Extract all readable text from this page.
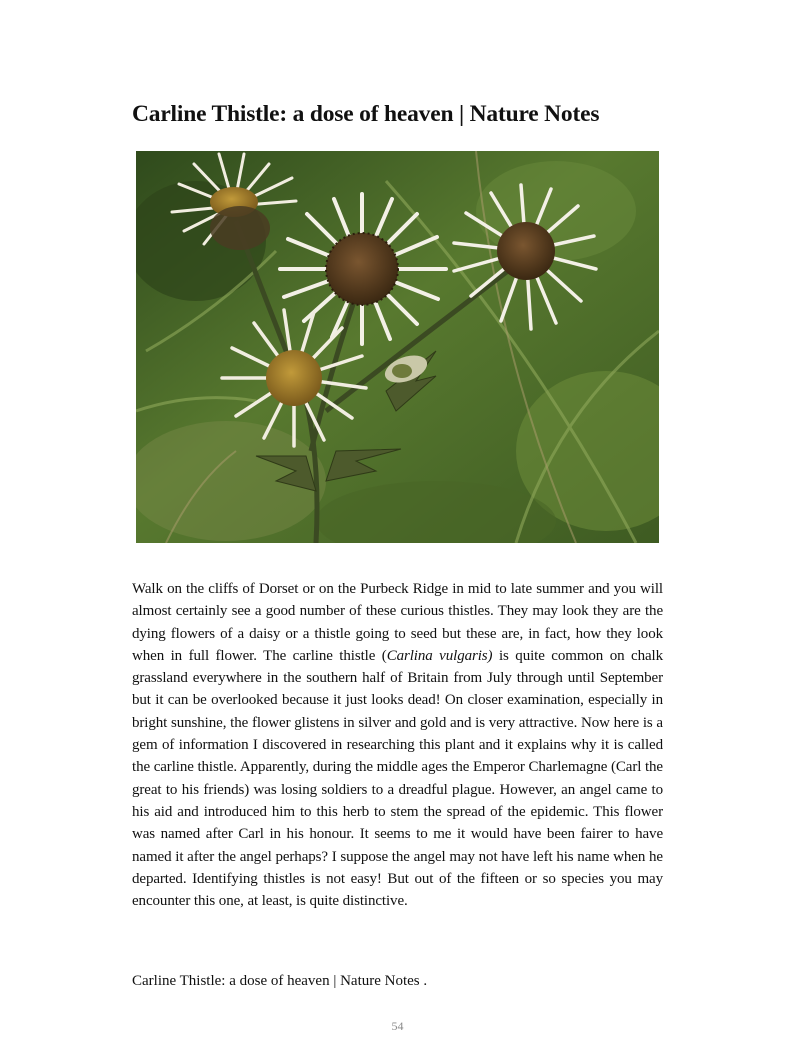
Carline Thistle: a dose of heaven | Nature Notes

Walk on the cliffs of Dorset or on the Purbeck Ridge in mid to late summer and you will almost certainly see a good number of these curious thistles. They may look they are the dying flowers of a daisy or a thistle going to seed but these are, in fact, how they look when in full flower. The carline thistle (Carlina vulgaris) is quite common on chalk grassland everywhere in the southern half of Britain from July through until September but it can be overlooked because it just looks dead! On closer examination, especially in bright sunshine, the flower glistens in silver and gold and is very attractive. Now here is a gem of information I discovered in researching this plant and it explains why it is called the carline thistle. Apparently, during the middle ages the Emperor Charlemagne (Carl the great to his friends) was losing soldiers to a dreadful plague. However, an angel came to his aid and introduced him to this herb to stem the spread of the epidemic. This flower was named after Carl in his honour. It seems to me it would have been fairer to have named it after the angel perhaps? I suppose the angel may not have left his name when he departed. Identifying thistles is not easy! But out of the fifteen or so species you may encounter this one, at least, is quite distinctive.

Carline Thistle: a dose of heaven | Nature Notes .

54
